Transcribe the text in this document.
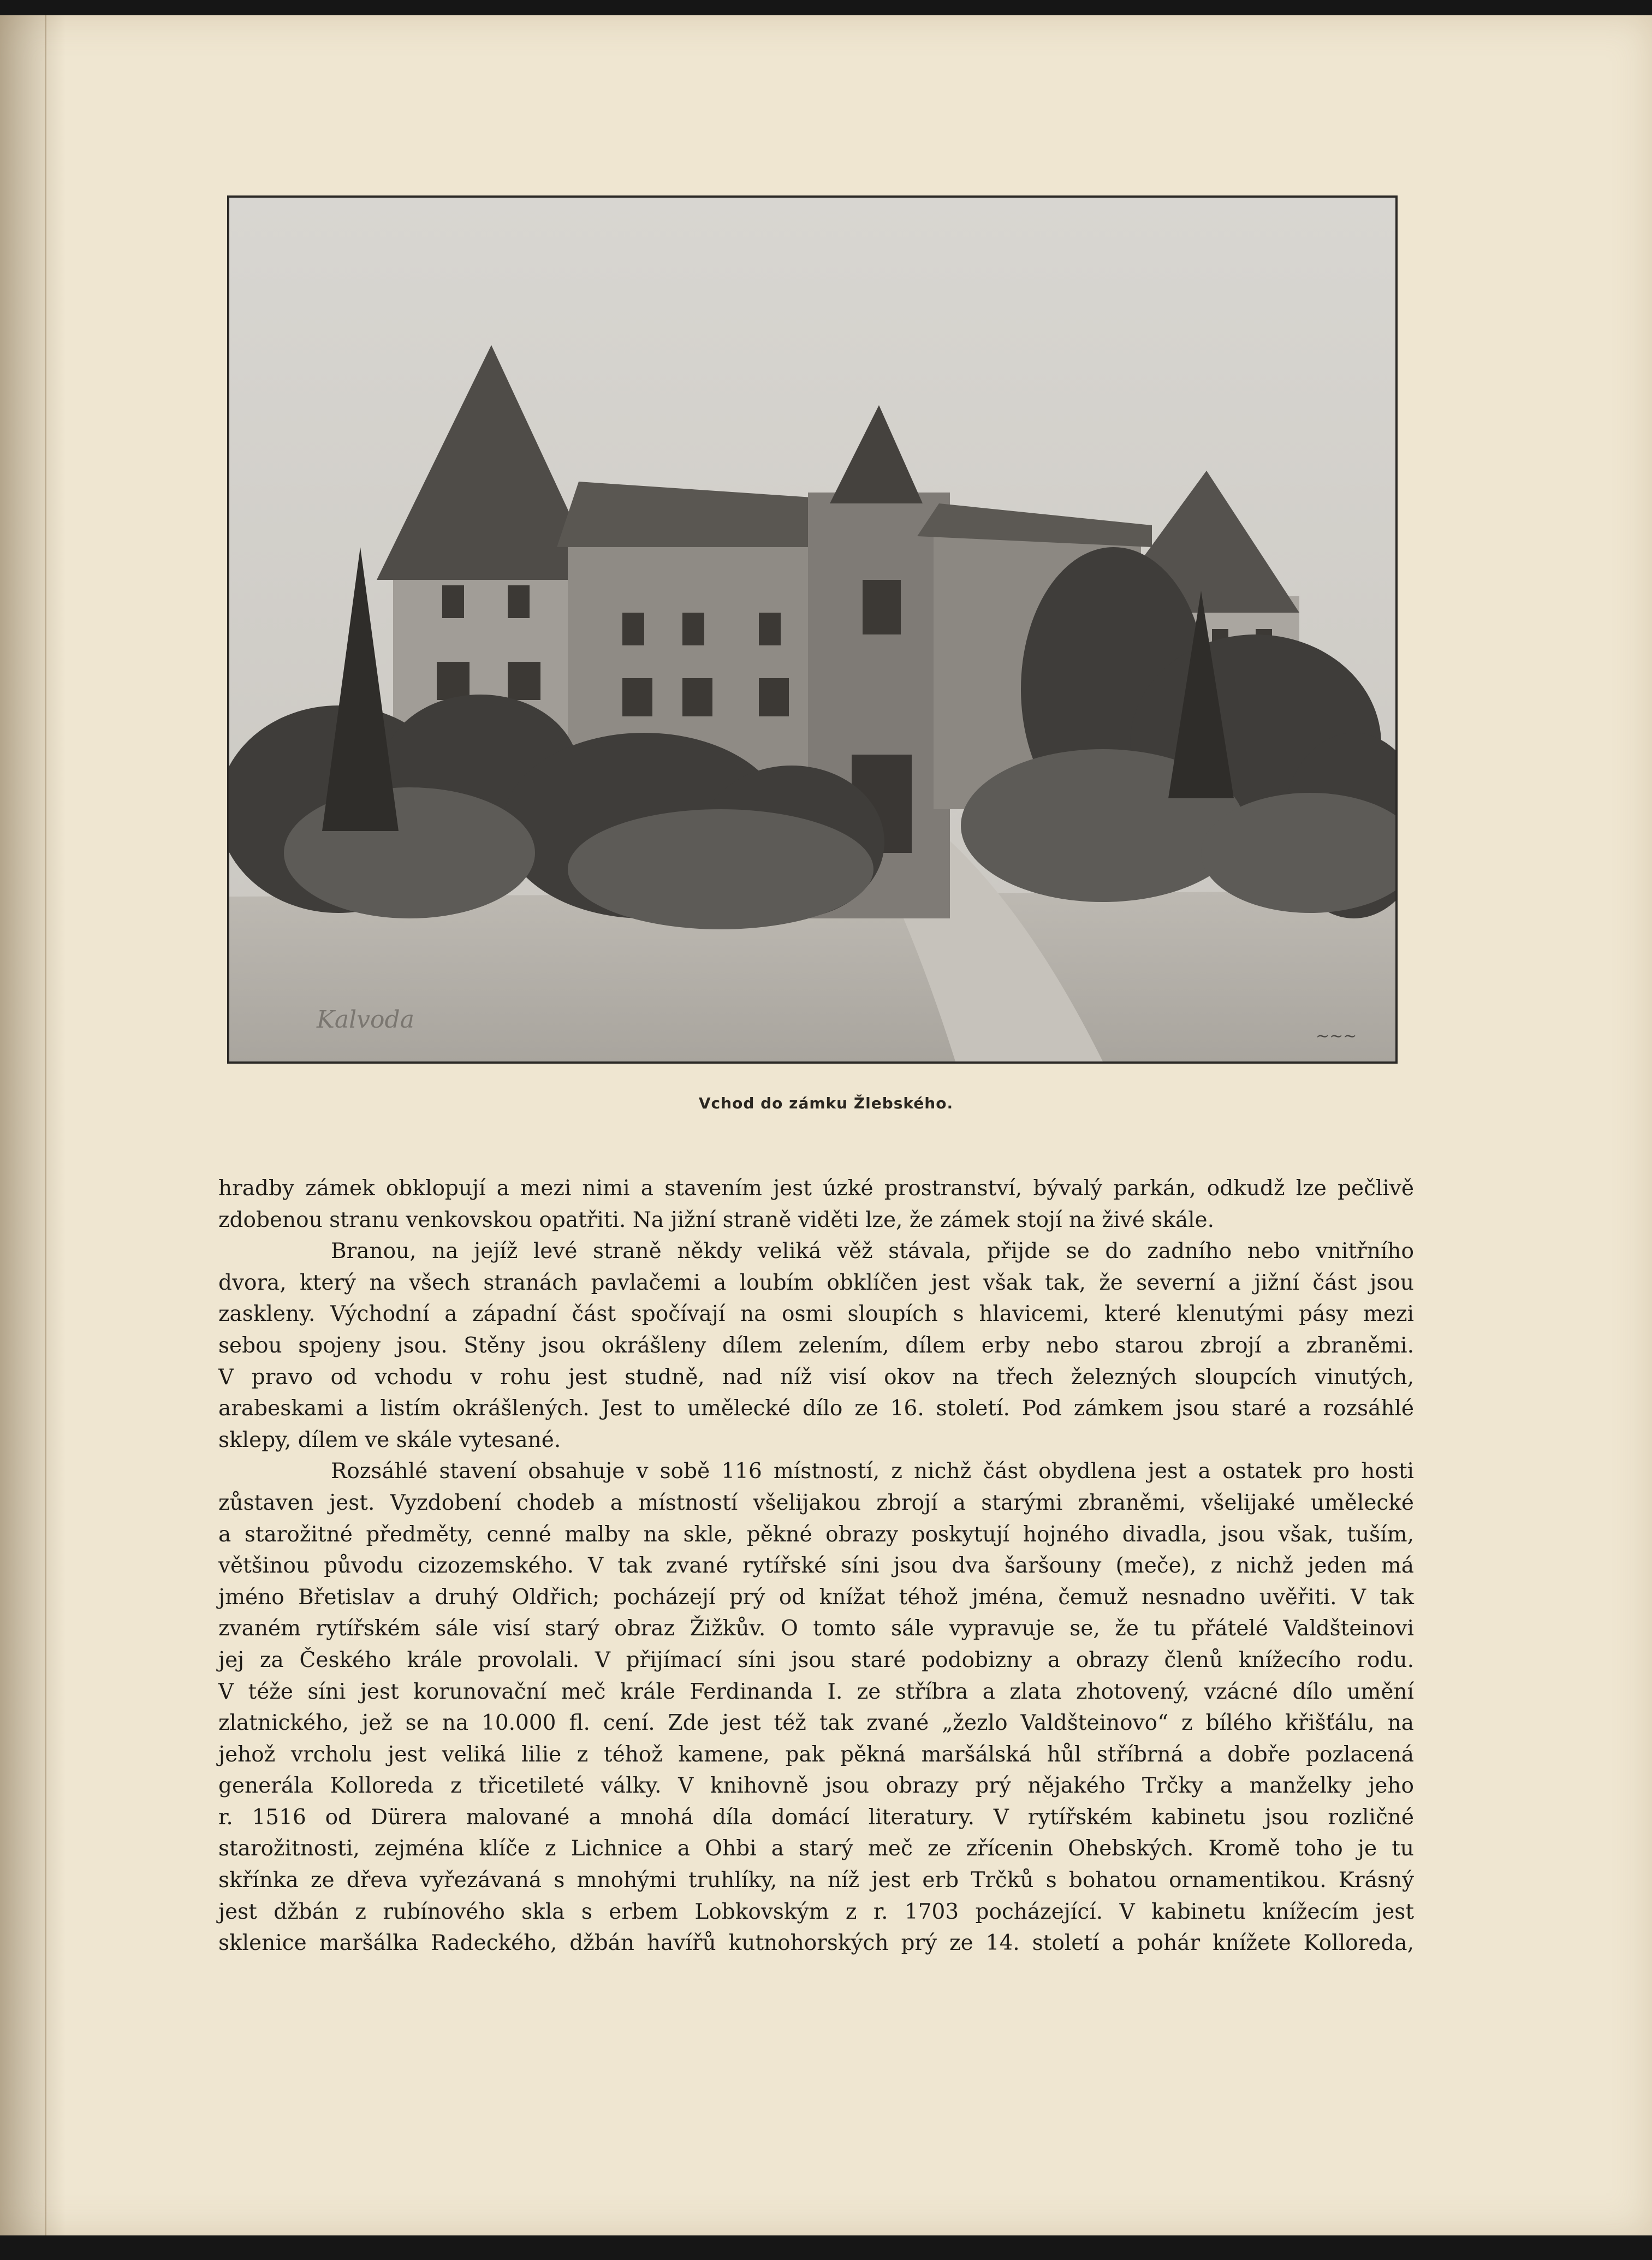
Kalvoda
~~~
Vchod do zámku Žlebského.
hradby zámek obklopují a mezi nimi a stavením jest úzké prostranství, bývalý parkán, odkudž lze pečlivě
zdobenou stranu venkovskou opatřiti. Na jižní straně viděti lze, že zámek stojí na živé skále.
Branou, na jejíž levé straně někdy veliká věž stávala, přijde se do zadního nebo vnitřního
dvora, který na všech stranách pavlačemi a loubím obklíčen jest však tak, že severní a jižní část jsou
zaskleny. Východní a západní část spočívají na osmi sloupích s hlavicemi, které klenutými pásy mezi
sebou spojeny jsou. Stěny jsou okrášleny dílem zelením, dílem erby nebo starou zbrojí a zbraněmi.
V pravo od vchodu v rohu jest studně, nad níž visí okov na třech železných sloupcích vinutých,
arabeskami a listím okrášlených. Jest to umělecké dílo ze 16. století. Pod zámkem jsou staré a rozsáhlé
sklepy, dílem ve skále vytesané.
Rozsáhlé stavení obsahuje v sobě 116 místností, z nichž část obydlena jest a ostatek pro hosti
zůstaven jest. Vyzdobení chodeb a místností všelijakou zbrojí a starými zbraněmi, všelijaké umělecké
a starožitné předměty, cenné malby na skle, pěkné obrazy poskytují hojného divadla, jsou však, tuším,
většinou původu cizozemského. V tak zvané rytířské síni jsou dva šaršouny (meče), z nichž jeden má
jméno Břetislav a druhý Oldřich; pocházejí prý od knížat téhož jména, čemuž nesnadno uvěřiti. V tak
zvaném rytířském sále visí starý obraz Žižkův. O tomto sále vypravuje se, že tu přátelé Valdšteinovi
jej za Českého krále provolali. V přijímací síni jsou staré podobizny a obrazy členů knížecího rodu.
V téže síni jest korunovační meč krále Ferdinanda I. ze stříbra a zlata zhotovený, vzácné dílo umění
zlatnického, jež se na 10.000 fl. cení. Zde jest též tak zvané „žezlo Valdšteinovo“ z bílého křišťálu, na
jehož vrcholu jest veliká lilie z téhož kamene, pak pěkná maršálská hůl stříbrná a dobře pozlacená
generála Kolloreda z třicetileté války. V knihovně jsou obrazy prý nějakého Trčky a manželky jeho
r. 1516 od Dürera malované a mnohá díla domácí literatury. V rytířském kabinetu jsou rozličné
starožitnosti, zejména klíče z Lichnice a Ohbi a starý meč ze zřícenin Ohebských. Kromě toho je tu
skřínka ze dřeva vyřezávaná s mnohými truhlíky, na níž jest erb Trčků s bohatou ornamentikou. Krásný
jest džbán z rubínového skla s erbem Lobkovským z r. 1703 pocházející. V kabinetu knížecím jest
sklenice maršálka Radeckého, džbán havířů kutnohorských prý ze 14. století a pohár knížete Kolloreda,
